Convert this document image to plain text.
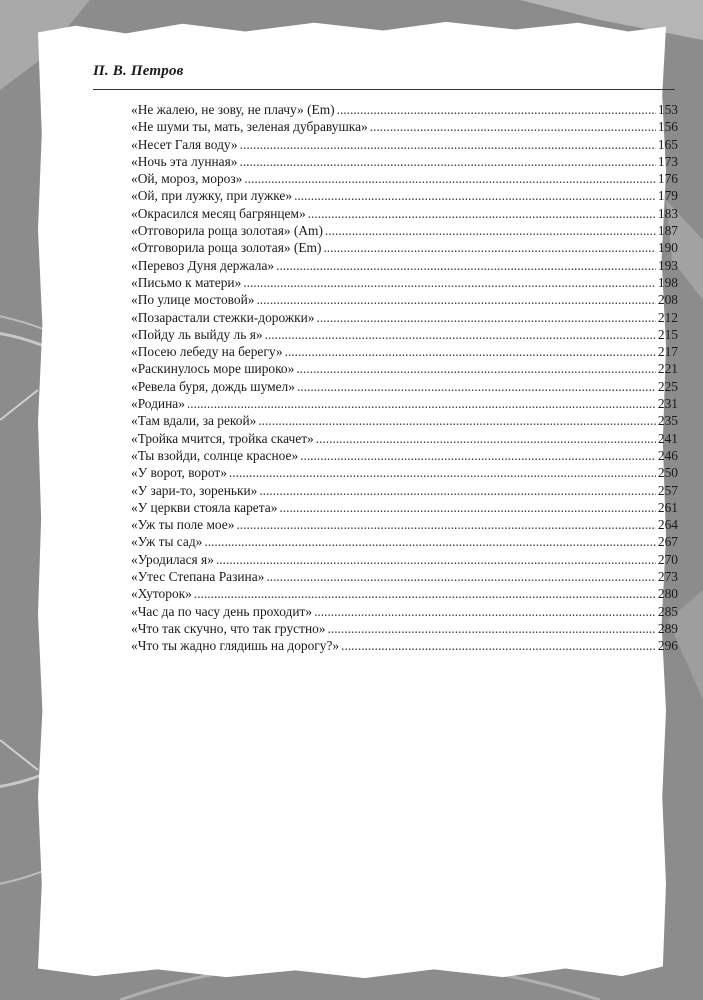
П. В. Петров
«Не жалею, не зову, не плачу» (Em) .....	153
«Не шуми ты, мать, зеленая дубравушка» .....	156
«Несет Галя воду» .....	165
«Ночь эта лунная» .....	173
«Ой, мороз, мороз» .....	176
«Ой, при лужку, при лужке» .....	179
«Окрасился месяц багрянцем» .....	183
«Отговорила роща золотая» (Am) .....	187
«Отговорила роща золотая» (Em) .....	190
«Перевоз Дуня держала» .....	193
«Письмо к матери» .....	198
«По улице мостовой» .....	208
«Позарастали стежки-дорожки» .....	212
«Пойду ль выйду ль я» .....	215
«Посею лебеду на берегу» .....	217
«Раскинулось море широко» .....	221
«Ревела буря, дождь шумел» .....	225
«Родина» .....	231
«Там вдали, за рекой» .....	235
«Тройка мчится, тройка скачет» .....	241
«Ты взойди, солнце красное» .....	246
«У ворот, ворот» .....	250
«У зари-то, зореньки» .....	257
«У церкви стояла карета» .....	261
«Уж ты поле мое» .....	264
«Уж ты сад» .....	267
«Уродилася я» .....	270
«Утес Степана Разина» .....	273
«Хуторок» .....	280
«Час да по часу день проходит» .....	285
«Что так скучно, что так грустно» .....	289
«Что ты жадно глядишь на дорогу?» .....	296
